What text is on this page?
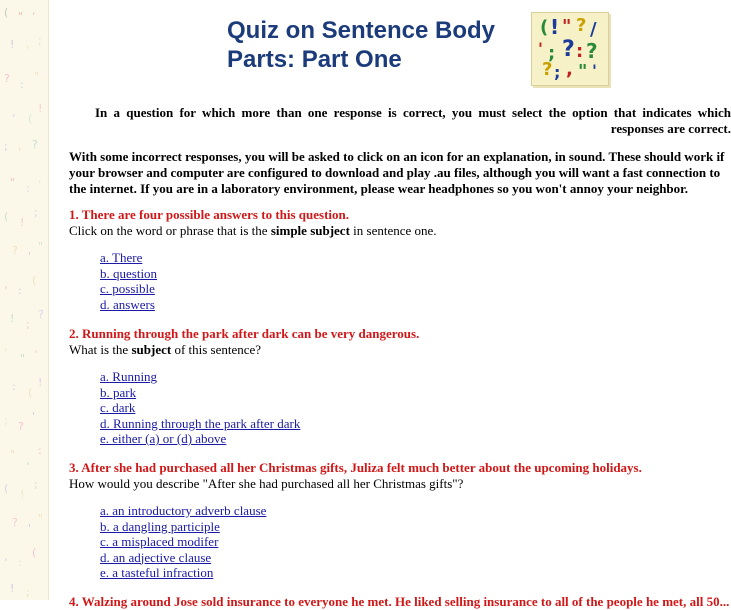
( " ,
! '
;
? :
"
, (
!
; '
?
" :
,
( !
;
? '
"
, :
(
! ;
?
' "
,
: (
!
; ?
'
" ,
:
( !
;
? '
"
, :
(
! ;
Quiz on Sentence Body
Parts: Part One
( ! " ? /
' ; ? : ?
? ; , " '

In a question for which more than one response is correct, you must select the option that indicates which responses are correct.

With some incorrect responses, you will be asked to click on an icon for an explanation, in sound. These should work if your browser and computer are configured to download and play .au files, although you will want a fast connection to the internet. If you are in a laboratory environment, please wear headphones so you won't annoy your neighbor.

1. There are four possible answers to this question.

Click on the word or phrase that is the simple subject in sentence one.

a. There
b. question
c. possible
d. answers

2. Running through the park after dark can be very dangerous.

What is the subject of this sentence?

a. Running
b. park
c. dark
d. Running through the park after dark
e. either (a) or (d) above

3. After she had purchased all her Christmas gifts, Juliza felt much better about the upcoming holidays.

How would you describe "After she had purchased all her Christmas gifts"?

a. an introductory adverb clause
b. a dangling participle
c. a misplaced modifer
d. an adjective clause
e. a tasteful infraction

4. Walzing around Jose sold insurance to everyone he met. He liked selling insurance to all of the people he met, all 50...
